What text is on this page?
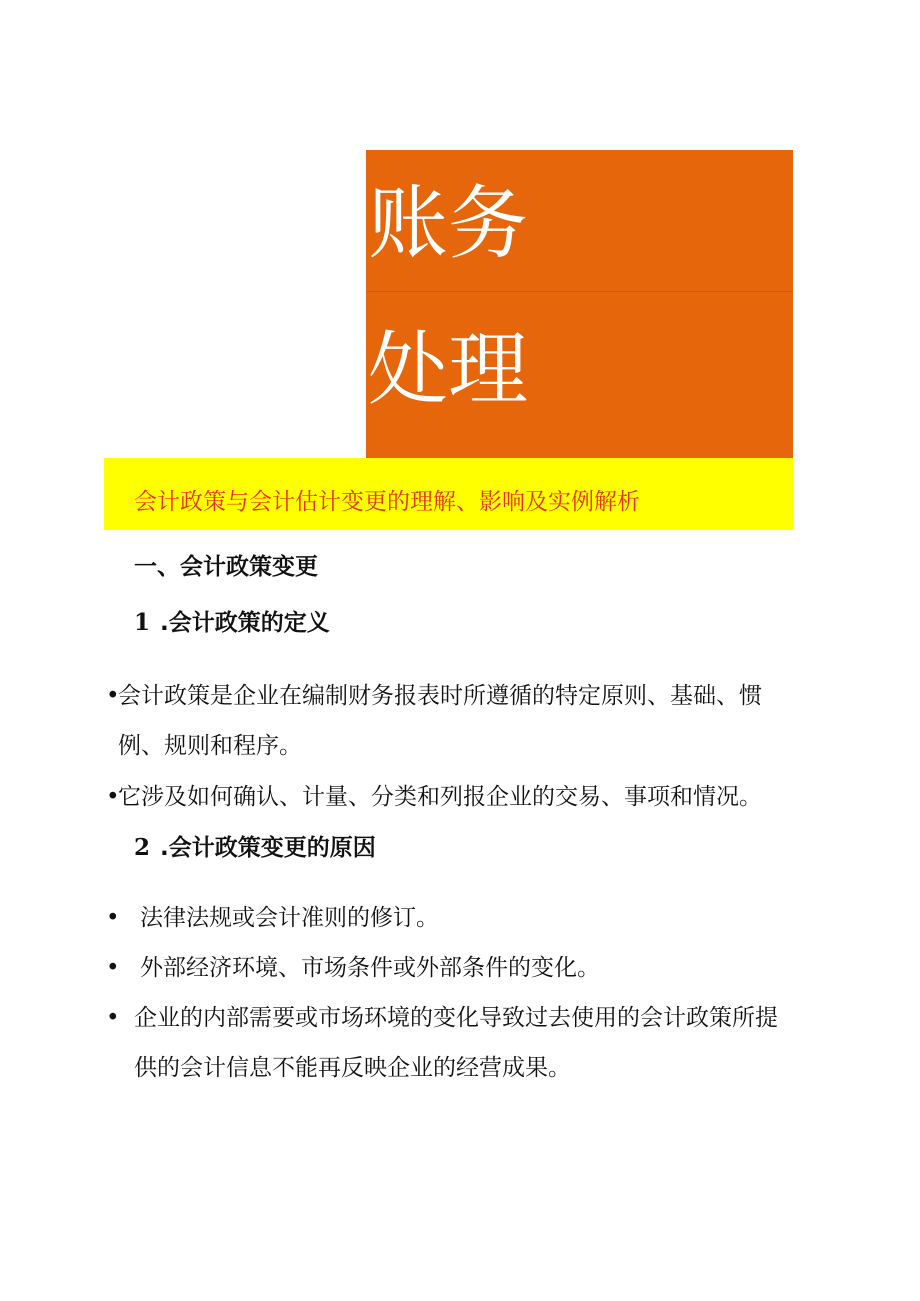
账务
处理
会计政策与会计估计变更的理解、影响及实例解析
一、会计政策变更
1 .会计政策的定义
•
会计政策是企业在编制财务报表时所遵循的特定原则、基础、惯例、规则和程序。
•
它涉及如何确认、计量、分类和列报企业的交易、事项和情况。
2 .会计政策变更的原因
• 法律法规或会计准则的修订。
• 外部经济环境、市场条件或外部条件的变化。
• 企业的内部需要或市场环境的变化导致过去使用的会计政策所提供的会计信息不能再反映企业的经营成果。
